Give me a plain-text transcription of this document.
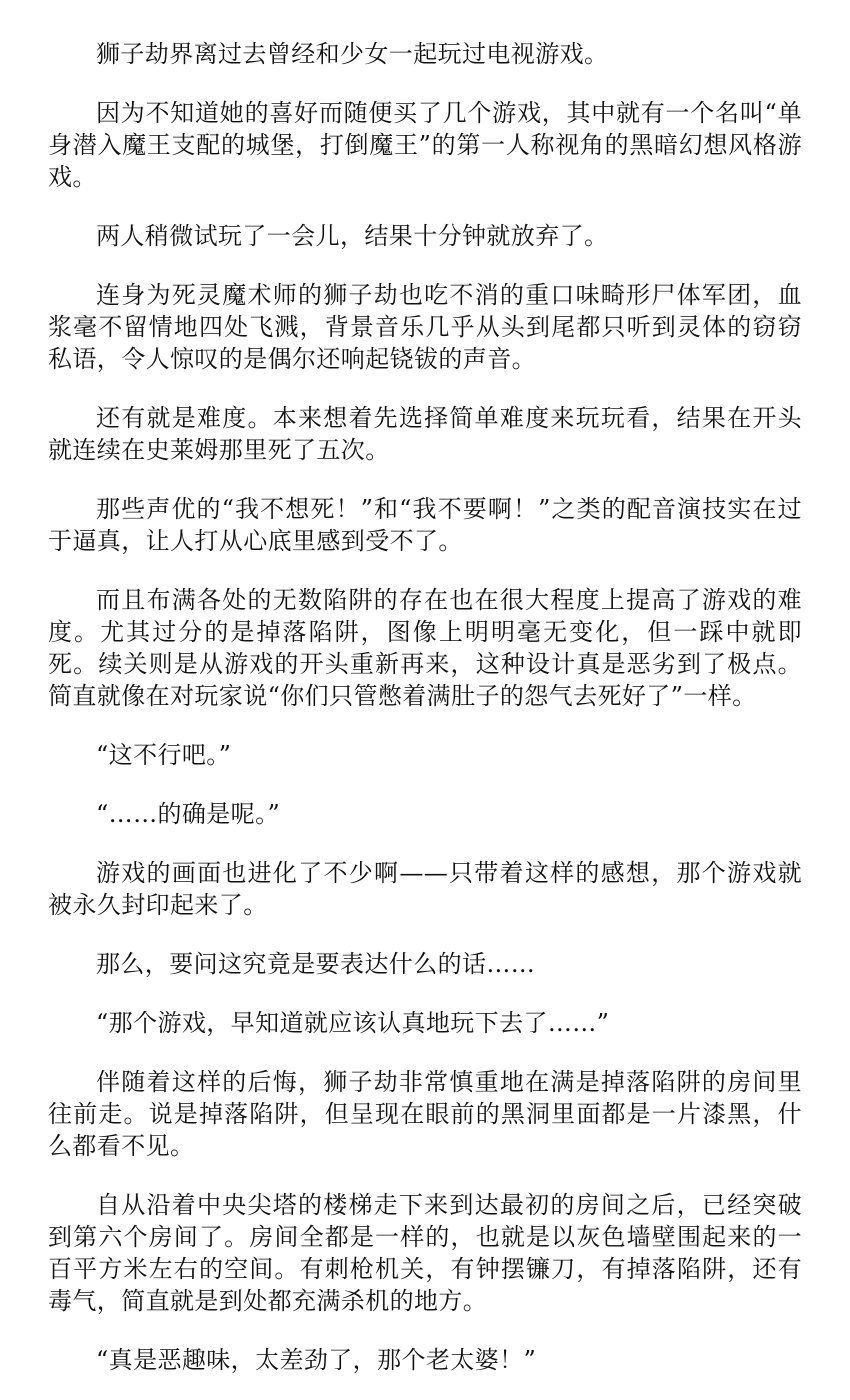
狮子劫界离过去曾经和少女一起玩过电视游戏。

因为不知道她的喜好而随便买了几个游戏，其中就有一个名叫“单身潜入魔王支配的城堡，打倒魔王”的第一人称视角的黑暗幻想风格游戏。

两人稍微试玩了一会儿，结果十分钟就放弃了。

连身为死灵魔术师的狮子劫也吃不消的重口味畸形尸体军团，血浆毫不留情地四处飞溅，背景音乐几乎从头到尾都只听到灵体的窃窃私语，令人惊叹的是偶尔还响起铙钹的声音。

还有就是难度。本来想着先选择简单难度来玩玩看，结果在开头就连续在史莱姆那里死了五次。

那些声优的“我不想死！”和“我不要啊！”之类的配音演技实在过于逼真，让人打从心底里感到受不了。

而且布满各处的无数陷阱的存在也在很大程度上提高了游戏的难度。尤其过分的是掉落陷阱，图像上明明毫无变化，但一踩中就即死。续关则是从游戏的开头重新再来，这种设计真是恶劣到了极点。简直就像在对玩家说“你们只管憋着满肚子的怨气去死好了”一样。

“这不行吧。”

“……的确是呢。”

游戏的画面也进化了不少啊——只带着这样的感想，那个游戏就被永久封印起来了。

那么，要问这究竟是要表达什么的话……

“那个游戏，早知道就应该认真地玩下去了……”

伴随着这样的后悔，狮子劫非常慎重地在满是掉落陷阱的房间里往前走。说是掉落陷阱，但呈现在眼前的黑洞里面都是一片漆黑，什么都看不见。

自从沿着中央尖塔的楼梯走下来到达最初的房间之后，已经突破到第六个房间了。房间全都是一样的，也就是以灰色墙壁围起来的一百平方米左右的空间。有刺枪机关，有钟摆镰刀，有掉落陷阱，还有毒气，简直就是到处都充满杀机的地方。

“真是恶趣味，太差劲了，那个老太婆！”
